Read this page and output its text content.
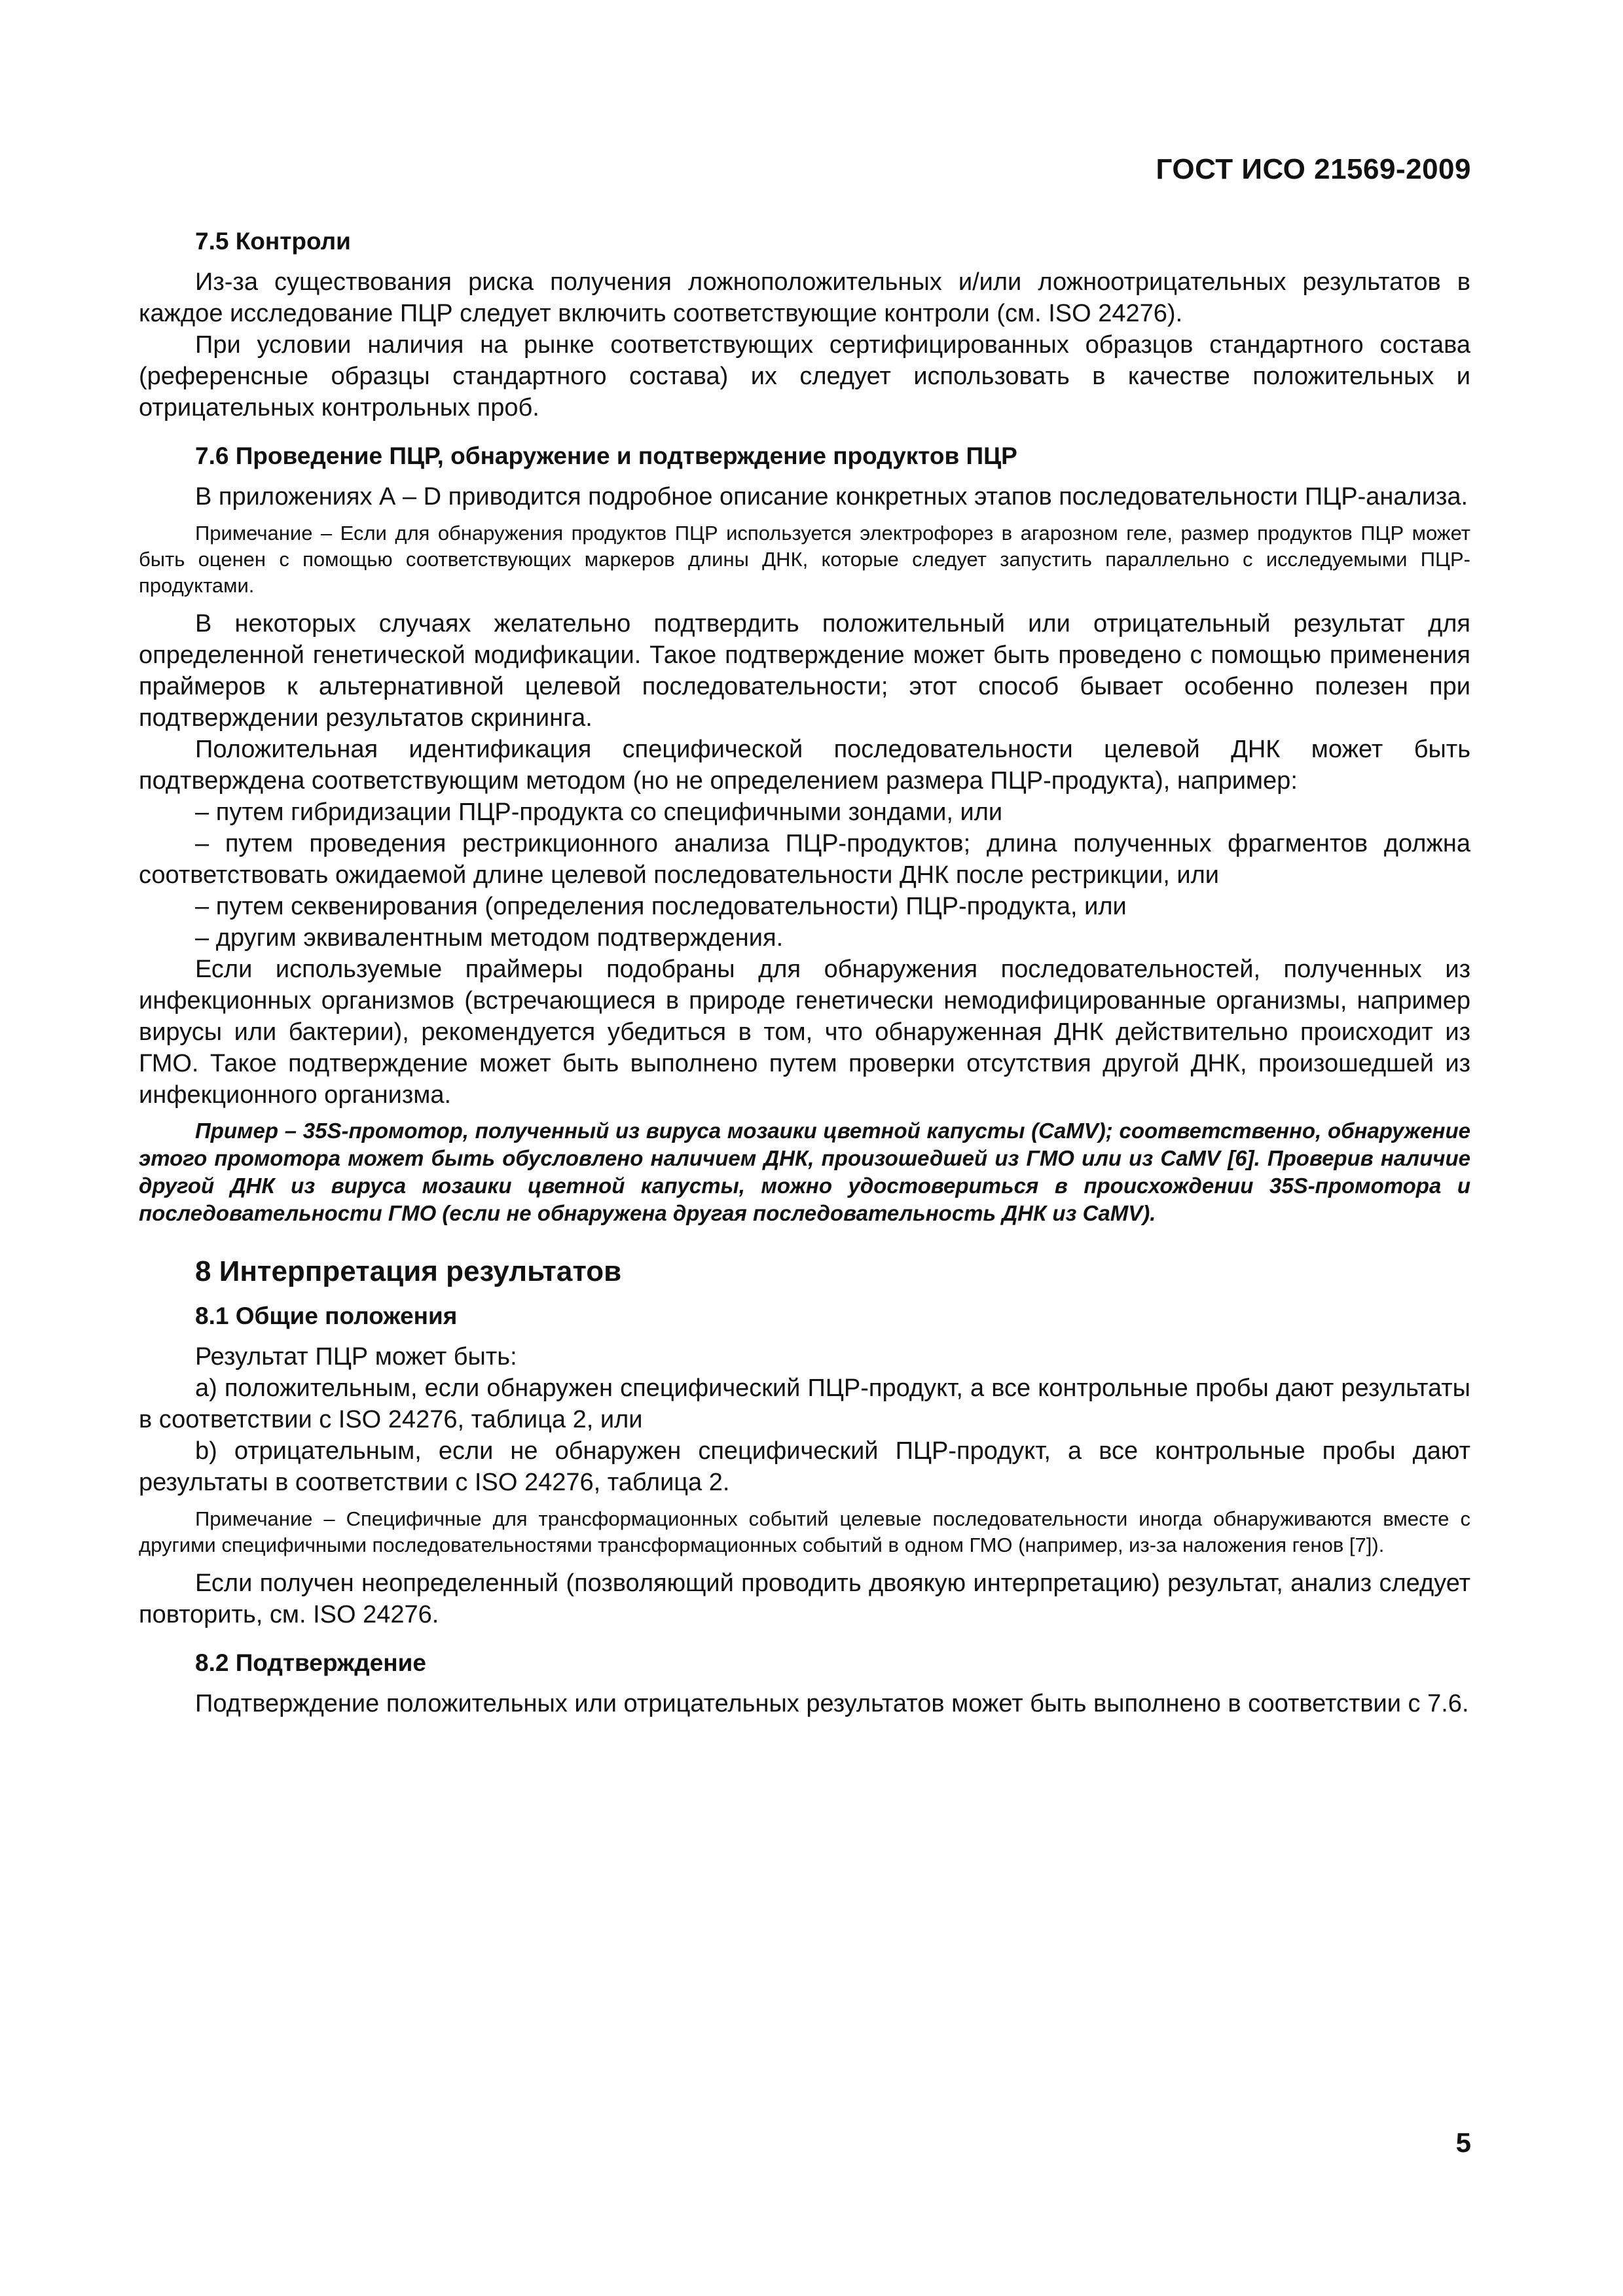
ГОСТ ИСО 21569-2009
7.5 Контроли

Из-за существования риска получения ложноположительных и/или ложноотрицательных результатов в каждое исследование ПЦР следует включить соответствующие контроли (см. ISO 24276).

При условии наличия на рынке соответствующих сертифицированных образцов стандартного состава (референсные образцы стандартного состава) их следует использовать в качестве положительных и отрицательных контрольных проб.

7.6 Проведение ПЦР, обнаружение и подтверждение продуктов ПЦР

В приложениях А – D приводится подробное описание конкретных этапов последовательности ПЦР-анализа.

Примечание – Если для обнаружения продуктов ПЦР используется электрофорез в агарозном геле, размер продуктов ПЦР может быть оценен с помощью соответствующих маркеров длины ДНК, которые следует запустить параллельно с исследуемыми ПЦР-продуктами.

В некоторых случаях желательно подтвердить положительный или отрицательный результат для определенной генетической модификации. Такое подтверждение может быть проведено с помощью применения праймеров к альтернативной целевой последовательности; этот способ бывает особенно полезен при подтверждении результатов скрининга.

Положительная идентификация специфической последовательности целевой ДНК может быть подтверждена соответствующим методом (но не определением размера ПЦР-продукта), например:

– путем гибридизации ПЦР-продукта со специфичными зондами, или

– путем проведения рестрикционного анализа ПЦР-продуктов; длина полученных фрагментов должна соответствовать ожидаемой длине целевой последовательности ДНК после рестрикции, или

– путем секвенирования (определения последовательности) ПЦР-продукта, или

– другим эквивалентным методом подтверждения.

Если используемые праймеры подобраны для обнаружения последовательностей, полученных из инфекционных организмов (встречающиеся в природе генетически немодифицированные организмы, например вирусы или бактерии), рекомендуется убедиться в том, что обнаруженная ДНК действительно происходит из ГМО. Такое подтверждение может быть выполнено путем проверки отсутствия другой ДНК, произошедшей из инфекционного организма.

Пример – 35S-промотор, полученный из вируса мозаики цветной капусты (CaMV); соответственно, обнаружение этого промотора может быть обусловлено наличием ДНК, произошедшей из ГМО или из CaMV [6]. Проверив наличие другой ДНК из вируса мозаики цветной капусты, можно удостовериться в происхождении 35S-промотора и последовательности ГМО (если не обнаружена другая последовательность ДНК из CaMV).

8 Интерпретация результатов
8.1 Общие положения

Результат ПЦР может быть:

а) положительным, если обнаружен специфический ПЦР-продукт, а все контрольные пробы дают результаты в соответствии с ISO 24276, таблица 2, или

b) отрицательным, если не обнаружен специфический ПЦР-продукт, а все контрольные пробы дают результаты в соответствии с ISO 24276, таблица 2.

Примечание – Специфичные для трансформационных событий целевые последовательности иногда обнаруживаются вместе с другими специфичными последовательностями трансформационных событий в одном ГМО (например, из-за наложения генов [7]).

Если получен неопределенный (позволяющий проводить двоякую интерпретацию) результат, анализ следует повторить, см. ISO 24276.

8.2 Подтверждение

Подтверждение положительных или отрицательных результатов может быть выполнено в соответствии с 7.6.

5
